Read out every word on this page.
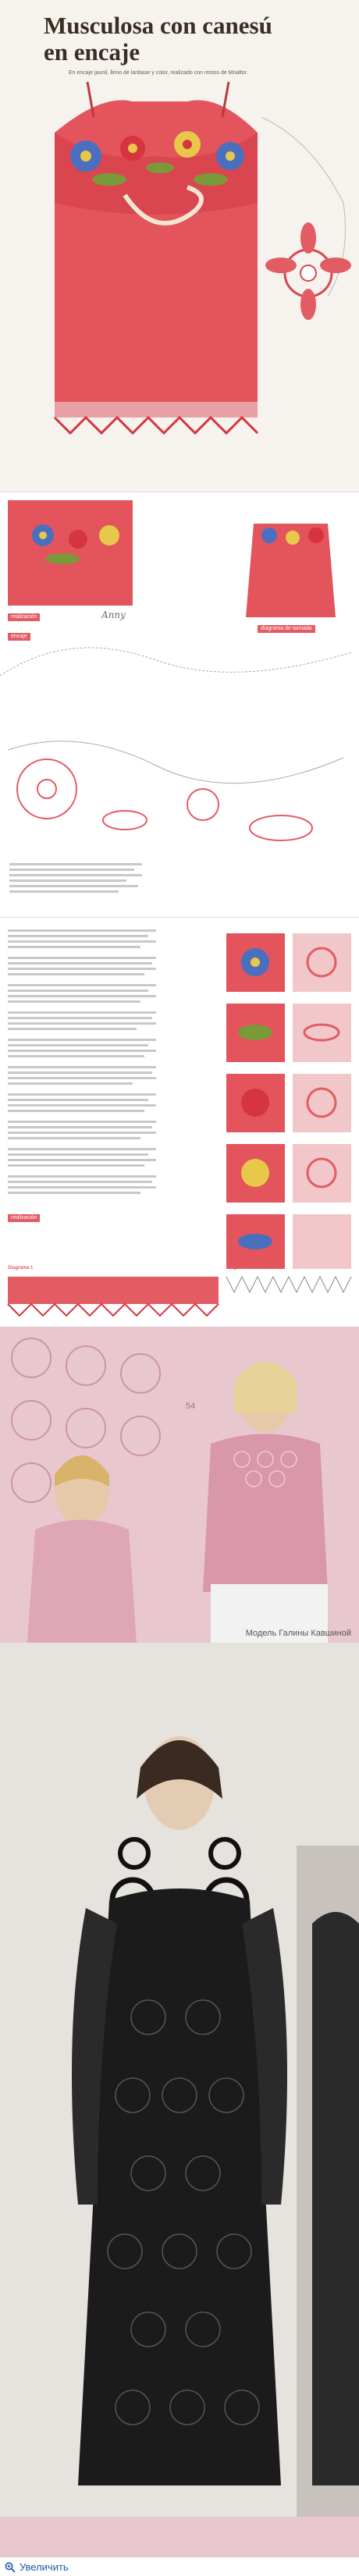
Musculosa con canesú
en encaje
En encaje jaunil, lleno de lanbase y color, realizado con restos de Mnaltor.
realización
encaje
diagrama de tamiado
Anny
realización
Diagrama 1	Diagrama 2
54
Модель Галины Кавшиной
Увеличить
